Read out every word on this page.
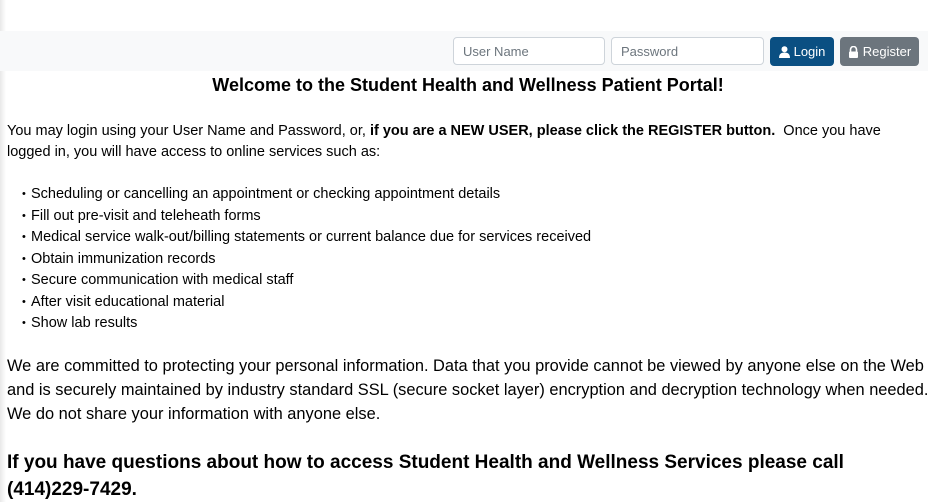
User Name
Login	Register
Welcome to the Student Health and Wellness Patient Portal!

You may login using your User Name and Password, or, if you are a NEW USER, please click the REGISTER button.  Once you have logged in, you will have access to online services such as:

• Scheduling or cancelling an appointment or checking appointment details
• Fill out pre-visit and teleheath forms
• Medical service walk-out/billing statements or current balance due for services received
• Obtain immunization records
• Secure communication with medical staff
• After visit educational material
• Show lab results

We are committed to protecting your personal information. Data that you provide cannot be viewed by anyone else on the Web and is securely maintained by industry standard SSL (secure socket layer) encryption and decryption technology when needed. We do not share your information with anyone else.

If you have questions about how to access Student Health and Wellness Services please call (414)229-7429.
